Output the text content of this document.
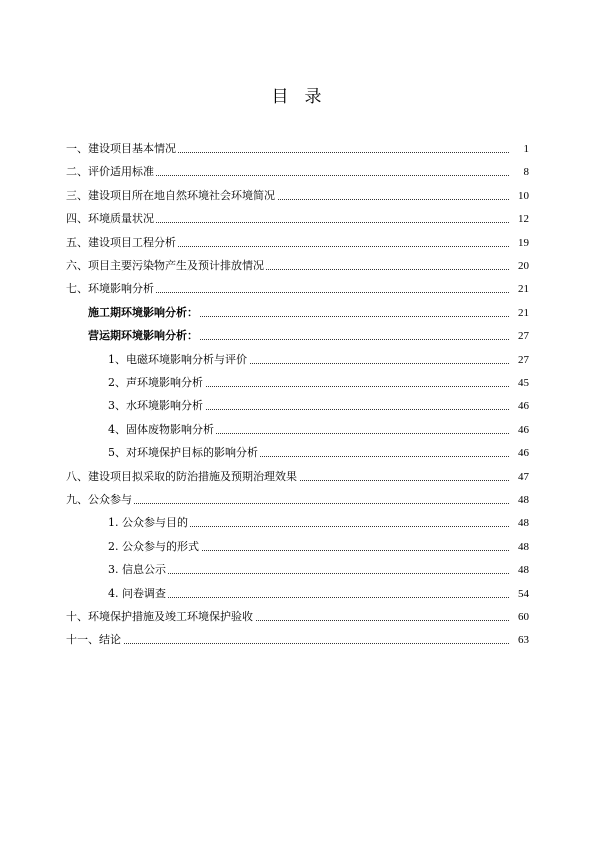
目 录
一、建设项目基本情况	1
二、评价适用标准	8
三、建设项目所在地自然环境社会环境简况	10
四、环境质量状况	12
五、建设项目工程分析	19
六、项目主要污染物产生及预计排放情况	20
七、环境影响分析	21
施工期环境影响分析：	21
营运期环境影响分析：	27
1、电磁环境影响分析与评价	27
2、声环境影响分析	45
3、水环境影响分析	46
4、固体废物影响分析	46
5、对环境保护目标的影响分析	46
八、建设项目拟采取的防治措施及预期治理效果	47
九、公众参与	48
1. 公众参与目的	48
2. 公众参与的形式	48
3. 信息公示	48
4. 问卷调查	54
十、环境保护措施及竣工环境保护验收	60
十一、结论	63
